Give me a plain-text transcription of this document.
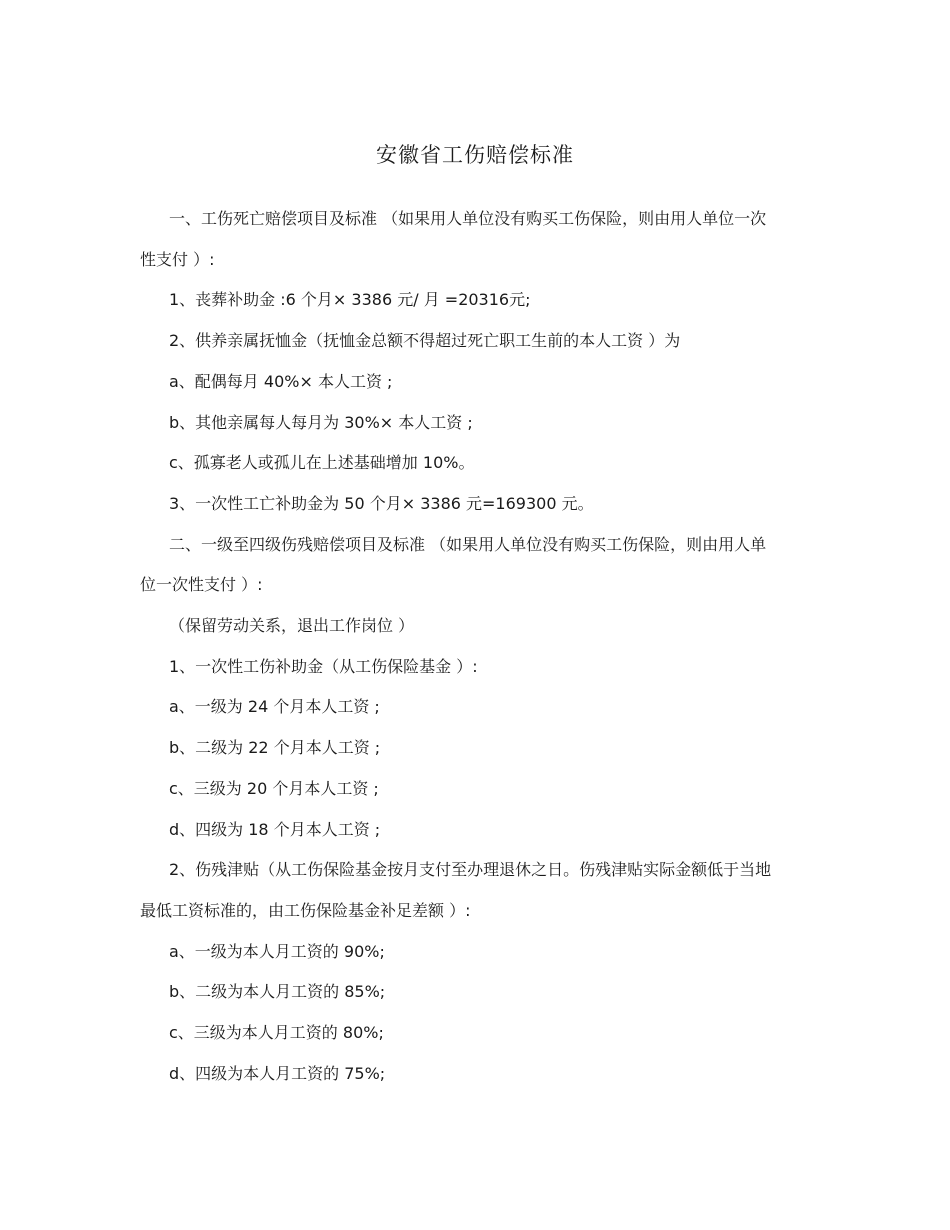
安徽省工伤赔偿标准

一、工伤死亡赔偿项目及标准 （如果用人单位没有购买工伤保险，则由用人单位一次性支付 ）:

1、丧葬补助金 :6 个月× 3386 元/ 月 =20316元;

2、供养亲属抚恤金（抚恤金总额不得超过死亡职工生前的本人工资 ）为

a、配偶每月 40%× 本人工资 ;

b、其他亲属每人每月为 30%× 本人工资 ;

c、孤寡老人或孤儿在上述基础增加 10%。

3、一次性工亡补助金为 50 个月× 3386 元=169300 元。

二、一级至四级伤残赔偿项目及标准 （如果用人单位没有购买工伤保险，则由用人单位一次性支付 ）:

（保留劳动关系，退出工作岗位 ）

1、一次性工伤补助金（从工伤保险基金 ）:

a、一级为 24 个月本人工资 ;

b、二级为 22 个月本人工资 ;

c、三级为 20 个月本人工资 ;

d、四级为 18 个月本人工资 ;

2、伤残津贴（从工伤保险基金按月支付至办理退休之日。伤残津贴实际金额低于当地最低工资标准的，由工伤保险基金补足差额 ）:

a、一级为本人月工资的 90%;

b、二级为本人月工资的 85%;

c、三级为本人月工资的 80%;

d、四级为本人月工资的 75%;
